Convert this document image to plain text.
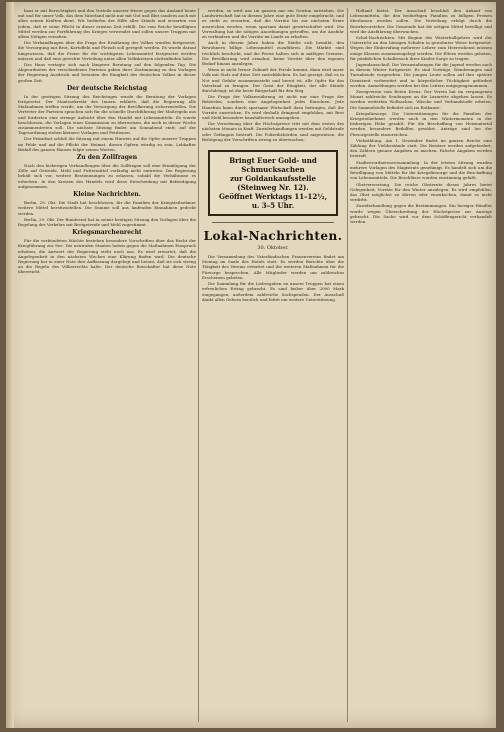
baut er mit Berechtigkeit und den Vorteile unserer Heere gegen das Ausland heute mit und für unser Volk, das dem Vaterland nicht nur mit Gut und Blut sondern auch mit allen seinen Kräften dient. Wir bedürfen der Hilfe aller Stände und erwarten von jedem, daß er seine Pflicht in dieser ernsten Zeit erfüllt. Die vom Reiche bewilligten Mittel werden zur Fortführung des Krieges verwendet und sollen unsere Truppen mit allem Nötigen versehen.

Die Verhandlungen über die Frage der Ernährung des Volkes wurden fortgesetzt; die Versorgung mit Brot, Kartoffeln und Fleisch soll geregelt werden. Es wurde darauf hingewiesen, daß die Preise für die wichtigsten Lebensmittel festgesetzt werden müssen und daß eine gerechte Verteilung unter allen Volkskreisen stattzufinden habe.

Das Haus vertagte sich nach längerer Beratung auf den folgenden Tag. Die Abgeordneten der verschiedenen Parteien gaben ihrer Zustimmung zu den Vorlagen der Regierung Ausdruck und betonten die Einigkeit des deutschen Volkes in dieser großen Zeit.

Der deutsche Reichstag

In der gestrigen Sitzung des Reichstages wurde die Beratung der Vorlagen fortgesetzt. Der Staatssekretär des Innern erklärte, daß die Regierung alle Maßnahmen treffen werde, um die Versorgung der Bevölkerung sicherzustellen. Die Vertreter der Parteien sprachen sich für die schnelle Durchführung der Maßregeln aus und forderten eine strenge Aufsicht über den Handel mit Lebensmitteln. Es wurde beschlossen, die Vorlagen einer Kommission zu überweisen, die noch in dieser Woche zusammentreten soll. Die nächste Sitzung findet am Sonnabend statt; auf der Tagesordnung stehen kleinere Vorlagen und Petitionen.

Der Präsident schloß die Sitzung mit einem Hinweis auf die Opfer unserer Truppen im Felde und auf die Pflicht der Heimat, diesen Opfern würdig zu sein. Lebhafter Beifall des ganzen Hauses folgte seinen Worten.

Zu den Zollfragen

Nach den bisherigen Verhandlungen über die Zollfragen soll eine Ermäßigung der Zölle auf Getreide, Mehl und Futtermittel vorläufig nicht eintreten. Die Regierung behält sich vor, weitere Bestimmungen zu erlassen, sobald die Verhältnisse es erfordern. In den Kreisen des Handels wird diese Entscheidung mit Befriedigung aufgenommen.

Kleine Nachrichten.

Berlin, 29. Okt. Die Stadt hat beschlossen, für die Familien der Kriegsteilnehmer weitere Mittel bereitzustellen. Die Summe soll aus laufenden Einnahmen gedeckt werden.

Berlin, 29. Okt. Der Bundesrat hat in seiner heutigen Sitzung den Vorlagen über die Regelung des Verkehrs mit Brotgetreide und Mehl zugestimmt.

Kriegsmarchenrecht

Für die verbündeten Mächte bestehen besondere Vorschriften über das Recht der Kriegführung zur See. Die neutralen Staaten haben gegen die Maßnahmen Einspruch erhoben; die Antwort der Regierung steht noch aus. Es wird erwartet, daß die Angelegenheit in den nächsten Wochen eine Klärung finden wird. Die deutsche Regierung hat in einer Note ihre Auffassung dargelegt und betont, daß sie sich streng an die Regeln des Völkerrechts halte. Der deutsche Botschafter hat diese Note überreicht.

werden, so wird uns im ganzen nur ein Gewinn entstehen. Die Landwirtschaft hat in diesem Jahre eine gute Ernte eingebracht, und es steht zu erwarten, daß die Vorräte bis zur nächsten Ernte ausreichen werden, wenn sparsam damit gewirtschaftet wird. Die Verwaltung hat die nötigen Anordnungen getroffen, um die Ausfuhr zu verhindern und die Vorräte im Lande zu erhalten.

Auch in diesem Jahre haben die Städte sich bemüht, den Bewohnern billige Lebensmittel zuzuführen. Die Märkte sind reichlich beschickt, und die Preise halten sich in mäßigen Grenzen. Die Bevölkerung wird ermahnt, keine Vorräte über den eigenen Bedarf hinaus anzulegen.

Wenn in nicht ferner Zukunft der Friede kommt, dann wird unser Volk mit Stolz auf diese Zeit zurückblicken. Es hat gezeigt, daß es in Not und Gefahr zusammensteht und bereit ist, alle Opfer für das Vaterland zu bringen. Der Geist der Einigkeit, der alle Stände durchdringt, ist die beste Bürgschaft für den Sieg.

Die Frage der Volksernährung ist nicht nur eine Frage der Behörden, sondern eine Angelegenheit jedes Einzelnen. Jede Hausfrau kann durch sparsame Wirtschaft dazu beitragen, daß die Vorräte ausreichen. Es wird deshalb dringend empfohlen, mit Brot und Mehl besonders haushälterisch umzugehen.

Die Verordnung über die Höchstpreise tritt mit dem ersten des nächsten Monats in Kraft. Zuwiderhandlungen werden mit Geldstrafe oder Gefängnis bestraft. Die Polizeibehörden sind angewiesen, die Befolgung der Vorschriften streng zu überwachen.

Bringt Euer Gold- und Schmucksachen
zur Goldankaufsstelle (Steinweg Nr. 12).
Geöffnet Werktags 11–12½, u. 3–5 Uhr.
Lokal-Nachrichten.
30. Oktober.

Die Versammlung des Vaterländischen Frauenvereins findet am Montag im Saale des Hotels statt. Es werden Berichte über die Tätigkeit des Vereins erstattet und die weiteren Maßnahmen für die Fürsorge besprochen. Alle Mitglieder werden um zahlreiches Erscheinen gebeten.

Die Sammlung für die Liebesgaben an unsere Truppen hat einen erfreulichen Ertrag gebracht. Es sind bisher über 2000 Mark eingegangen, außerdem zahlreiche Sachspenden. Der Ausschuß dankt allen Gebern herzlich und bittet um weitere Unterstützung.

Holland bietet. Der Ausschuß beschloß den Ankauf von Lebensmitteln, die den bedürftigen Familien zu billigen Preisen überlassen werden sollen. Die Verteilung erfolgt durch die Bezirksvorsteher. Die Gemeinde hat die nötigen Mittel bewilligt und wird die Ausführung überwachen.

Schul-Nachrichten. Mit Beginn des Winterhalbjahres wird der Unterricht an den hiesigen Schulen in gewohnter Weise fortgesetzt. Wegen der Einberufung mehrerer Lehrer zum Heeresdienst müssen einige Klassen zusammengelegt werden. Die Eltern werden gebeten, für pünktlichen Schulbesuch ihrer Kinder Sorge zu tragen.

Jugendausschuß. Die Veranstaltungen für die Jugend werden auch in diesem Winter fortgesetzt. Es sind Vorträge, Wanderungen und Turnabende vorgesehen. Die jungen Leute sollen auf ihre spätere Dienstzeit vorbereitet und in körperlicher Tüchtigkeit gefördert werden. Anmeldungen werden bei den Leitern entgegengenommen.

Zweigverein vom Roten Kreuz. Der Verein hat im vergangenen Monat zahlreiche Sendungen an die Lazarette abgehen lassen. Es werden weiterhin Wollsachen, Wäsche und Verbandstoffe erbeten. Die Sammelstelle befindet sich im Rathause.

Kriegsfürsorge. Die Unterstützungen für die Familien der Kriegsteilnehmer werden auch in den Wintermonaten in der bisherigen Höhe gezahlt. Für die Beschaffung von Heizmaterial werden besondere Beihilfen gewährt. Anträge sind bei der Fürsorgestelle einzureichen.

Viehzählung. Am 1. Dezember findet im ganzen Reiche eine Zählung der Viehbestände statt. Die Besitzer werden aufgefordert, den Zählern genaue Angaben zu machen. Falsche Angaben werden bestraft.

Stadtverordnetenversammlung. In der letzten Sitzung wurden mehrere Vorlagen des Magistrats genehmigt. Es handelt sich um die Bewilligung von Mitteln für die Kriegsfürsorge und die Beschaffung von Lebensmitteln. Die Beschlüsse wurden einstimmig gefaßt.

Obstverwertung. Die reiche Obsternte dieses Jahres bietet Gelegenheit, Vorräte für den Winter anzulegen. Es wird empfohlen, das Obst möglichst zu dörren oder einzukochen, damit es nicht verdirbt.

Zuwiderhandlung gegen die Bestimmungen. Ein hiesiger Händler wurde wegen Überschreitung der Höchstpreise zur Anzeige gebracht. Die Sache wird vor dem Schöffengericht verhandelt werden.
